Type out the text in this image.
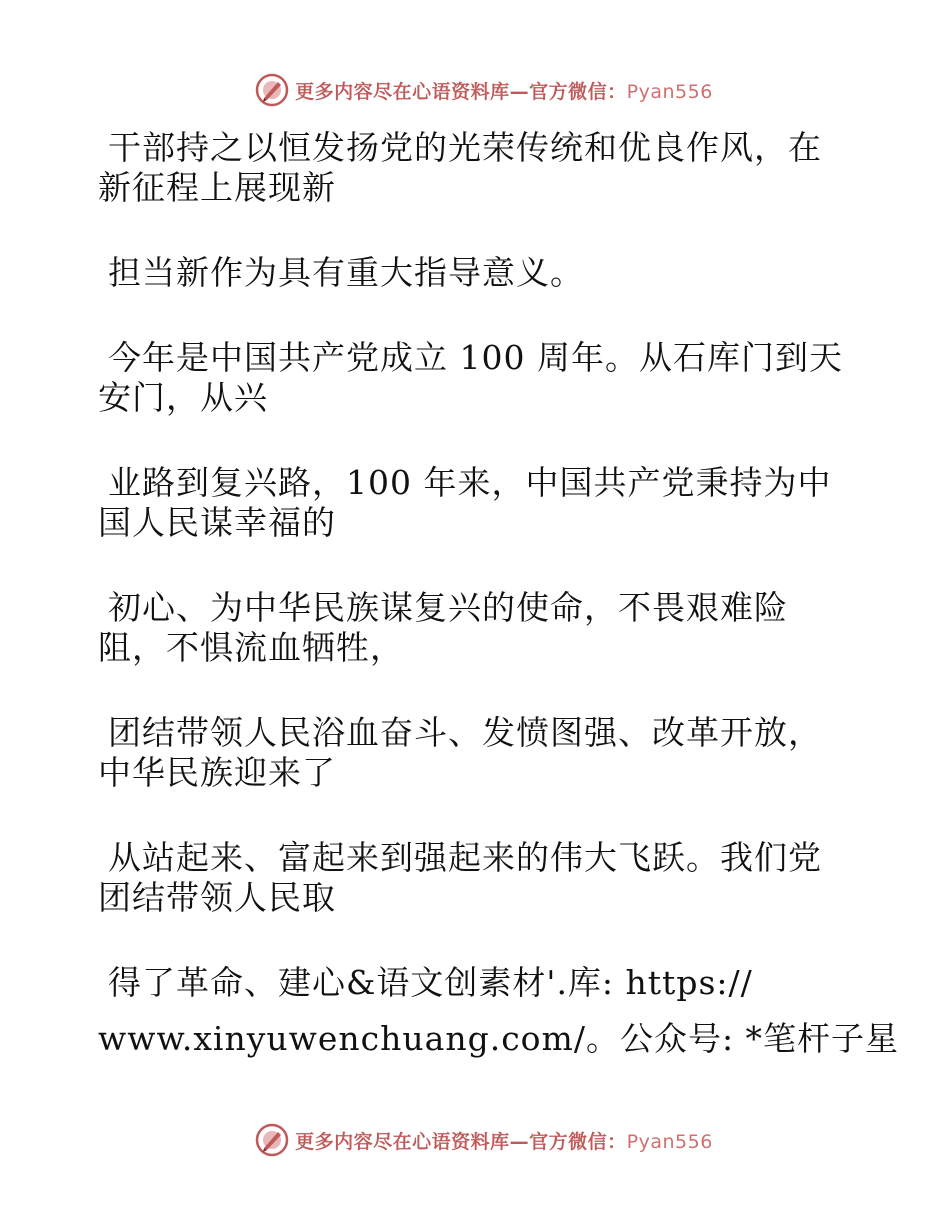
更多内容尽在心语资料库—官方微信：Pyan556
干部持之以恒发扬党的光荣传统和优良作风，在
新征程上展现新
担当新作为具有重大指导意义。
今年是中国共产党成立 100 周年。从石库门到天
安门，从兴
业路到复兴路，100 年来，中国共产党秉持为中
国人民谋幸福的
初心、为中华民族谋复兴的使命，不畏艰难险
阻，不惧流血牺牲，
团结带领人民浴血奋斗、发愤图强、改革开放，
中华民族迎来了
从站起来、富起来到强起来的伟大飞跃。我们党
团结带领人民取
得了革命、建心&语文创素材'.库: https://
www.xinyuwenchuang.com/。公众号: *笔杆子星
更多内容尽在心语资料库—官方微信：Pyan556
